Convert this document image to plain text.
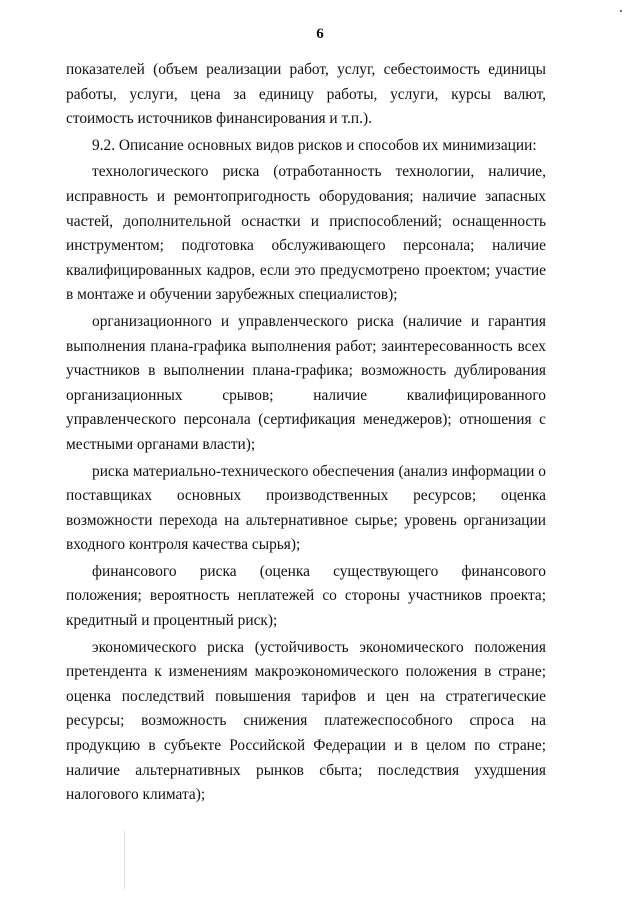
6

показателей (объем реализации работ, услуг, себестоимость единицы работы, услуги, цена за единицу работы, услуги, курсы валют, стоимость источников финансирования и т.п.).

9.2. Описание основных видов рисков и способов их минимизации:

технологического риска (отработанность технологии, наличие, исправность и ремонтопригодность оборудования; наличие запасных частей, дополнительной оснастки и приспособлений; оснащенность инструментом; подготовка обслуживающего персонала; наличие квалифицированных кадров, если это предусмотрено проектом; участие в монтаже и обучении зарубежных специалистов);

организационного и управленческого риска (наличие и гарантия выполнения плана-графика выполнения работ; заинтересованность всех участников в выполнении плана-графика; возможность дублирования организационных срывов; наличие квалифицированного управленческого персонала (сертификация менеджеров); отношения с местными органами власти);

риска материально-технического обеспечения (анализ информации о поставщиках основных производственных ресурсов; оценка возможности перехода на альтернативное сырье; уровень организации входного контроля качества сырья);

финансового риска (оценка существующего финансового положения; вероятность неплатежей со стороны участников проекта; кредитный и процентный риск);

экономического риска (устойчивость экономического положения претендента к изменениям макроэкономического положения в стране; оценка последствий повышения тарифов и цен на стратегические ресурсы; возможность снижения платежеспособного спроса на продукцию в субъекте Российской Федерации и в целом по стране; наличие альтернативных рынков сбыта; последствия ухудшения налогового климата);
